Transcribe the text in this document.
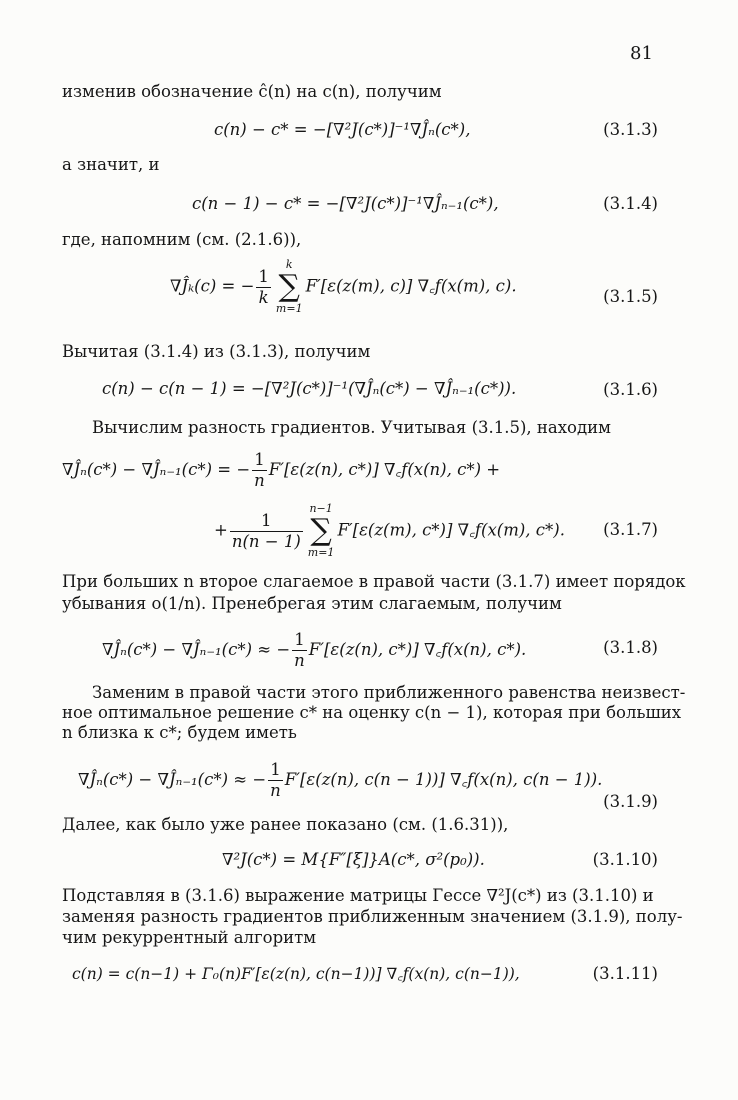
81
изменив обозначение ĉ(n) на c(n), получим
c(n) − c* = −[∇²J(c*)]⁻¹∇Ĵₙ(c*),	(3.1.3)
а значит, и
c(n − 1) − c* = −[∇²J(c*)]⁻¹∇Ĵₙ₋₁(c*),	(3.1.4)
где, напомним (см. (2.1.6)),
∇Ĵₖ(c) = − $\frac{1}{k}$
k
∑
m=1
F′[ε(z(m), c)] ∇꜀f(x(m), c).
(3.1.5)
Вычитая (3.1.4) из (3.1.3), получим
c(n) − c(n − 1) = −[∇²J(c*)]⁻¹(∇Ĵₙ(c*) − ∇Ĵₙ₋₁(c*)).	(3.1.6)
Вычислим разность градиентов. Учитывая (3.1.5), находим
∇Ĵₙ(c*) − ∇Ĵₙ₋₁(c*) = − $\frac{1}{n} F'[\varepsilon(z(n)$, c*)] ∇꜀f(x(n), c*) +
+ $\frac{1}{n(n - 1)}$
n−1
∑
m=1
F′[ε(z(m), c*)] ∇꜀f(x(m), c*). (3.1.7)
При больших n второе слагаемое в правой части (3.1.7) имеет порядок
убывания o(1/n). Пренебрегая этим слагаемым, получим
∇Ĵₙ(c*) − ∇Ĵₙ₋₁(c*) ≈ − $\frac{1}{n} F'[\varepsilon(z(n)$, c*)] ∇꜀f(x(n), c*).	(3.1.8)
Заменим в правой части этого приближенного равенства неизвест-
ное оптимальное решение c* на оценку c(n − 1), которая при больших
n близка к c*; будем иметь
∇Ĵₙ(c*) − ∇Ĵₙ₋₁(c*) ≈ − $\frac{1}{n} F'[\varepsilon(z(n)$, c(n − 1))] ∇꜀f(x(n), c(n − 1)).
(3.1.9)
Далее, как было уже ранее показано (см. (1.6.31)),
∇²J(c*) = M{F″[ξ]}A(c*, σ²(p₀)).	(3.1.10)
Подставляя в (3.1.6) выражение матрицы Гессе ∇²J(c*) из (3.1.10) и
заменяя разность градиентов приближенным значением (3.1.9), полу-
чим рекуррентный алгоритм
c(n) = c(n−1) + Γ₀(n)F′[ε(z(n), c(n−1))] ∇꜀f(x(n), c(n−1)),	(3.1.11)
